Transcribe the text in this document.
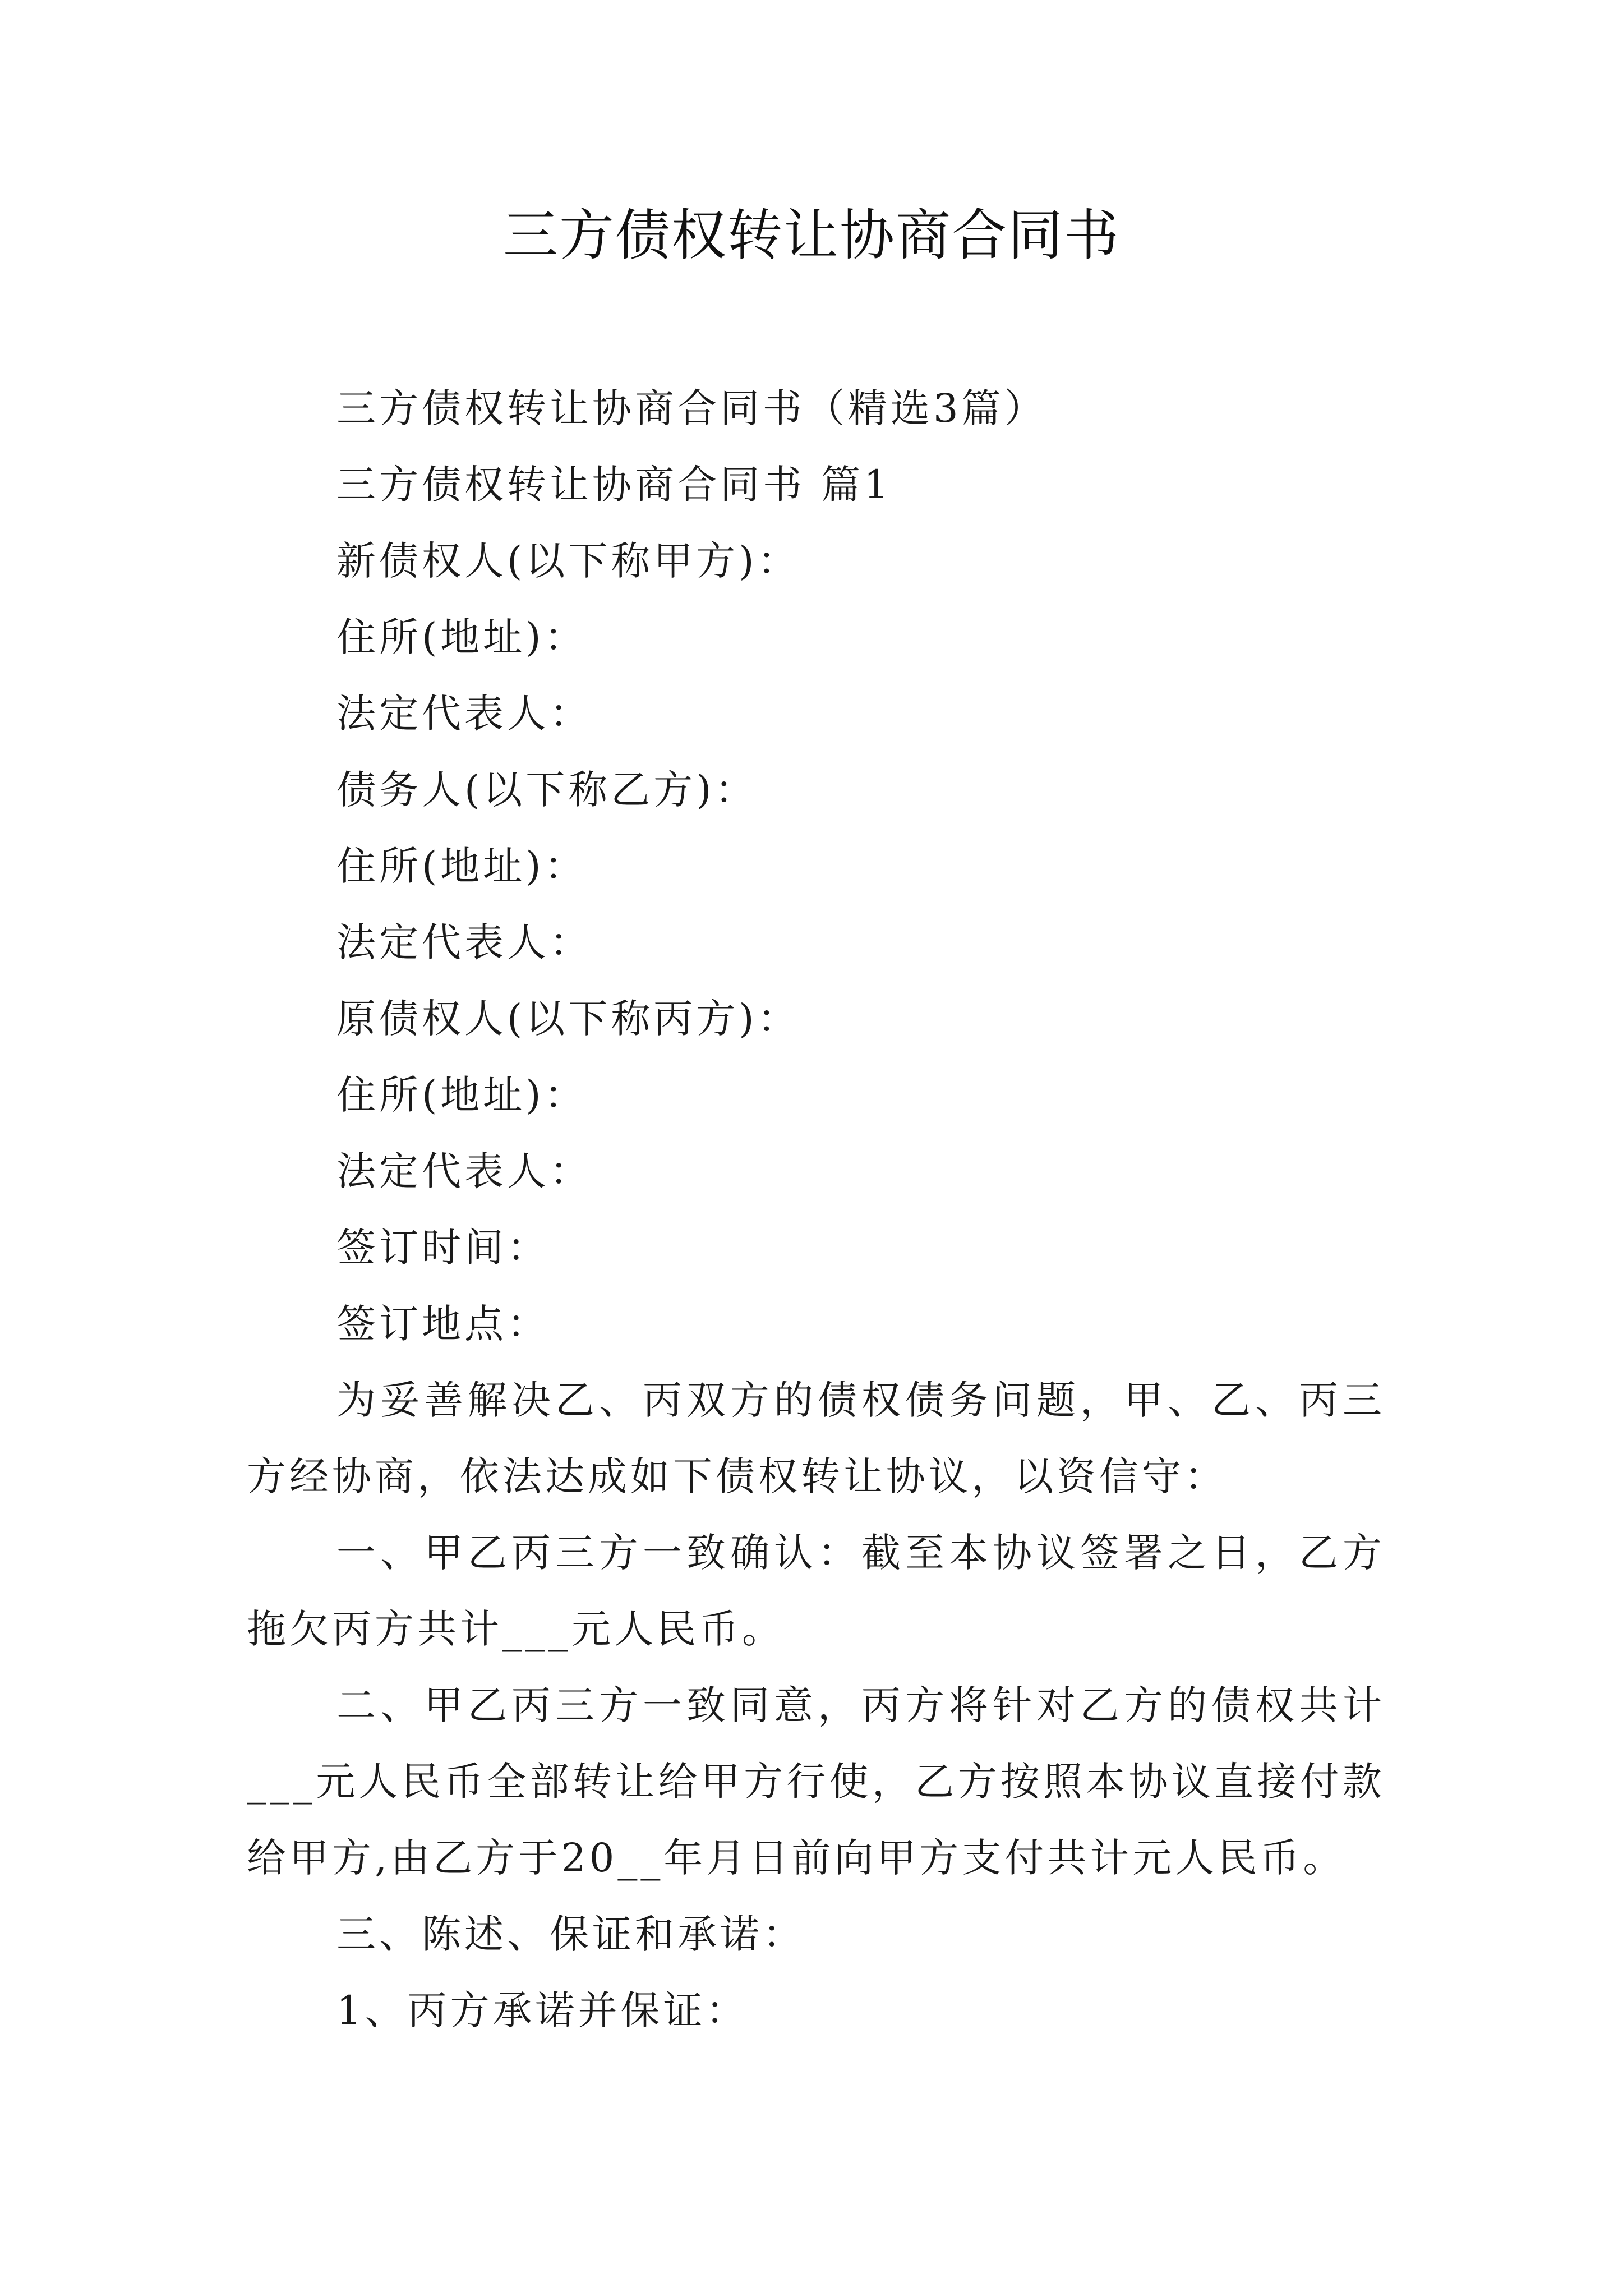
三方债权转让协商合同书

三方债权转让协商合同书（精选3篇）

三方债权转让协商合同书 篇1

新债权人(以下称甲方)：

住所(地址)：

法定代表人：

债务人(以下称乙方)：

住所(地址)：

法定代表人：

原债权人(以下称丙方)：

住所(地址)：

法定代表人：

签订时间：

签订地点：

为妥善解决乙、丙双方的债权债务问题，甲、乙、丙三方经协商，依法达成如下债权转让协议，以资信守：

一、甲乙丙三方一致确认：截至本协议签署之日，乙方拖欠丙方共计___元人民币。

二、甲乙丙三方一致同意，丙方将针对乙方的债权共计___元人民币全部转让给甲方行使，乙方按照本协议直接付款给甲方,由乙方于20__年月日前向甲方支付共计元人民币。

三、陈述、保证和承诺：

1、丙方承诺并保证：
